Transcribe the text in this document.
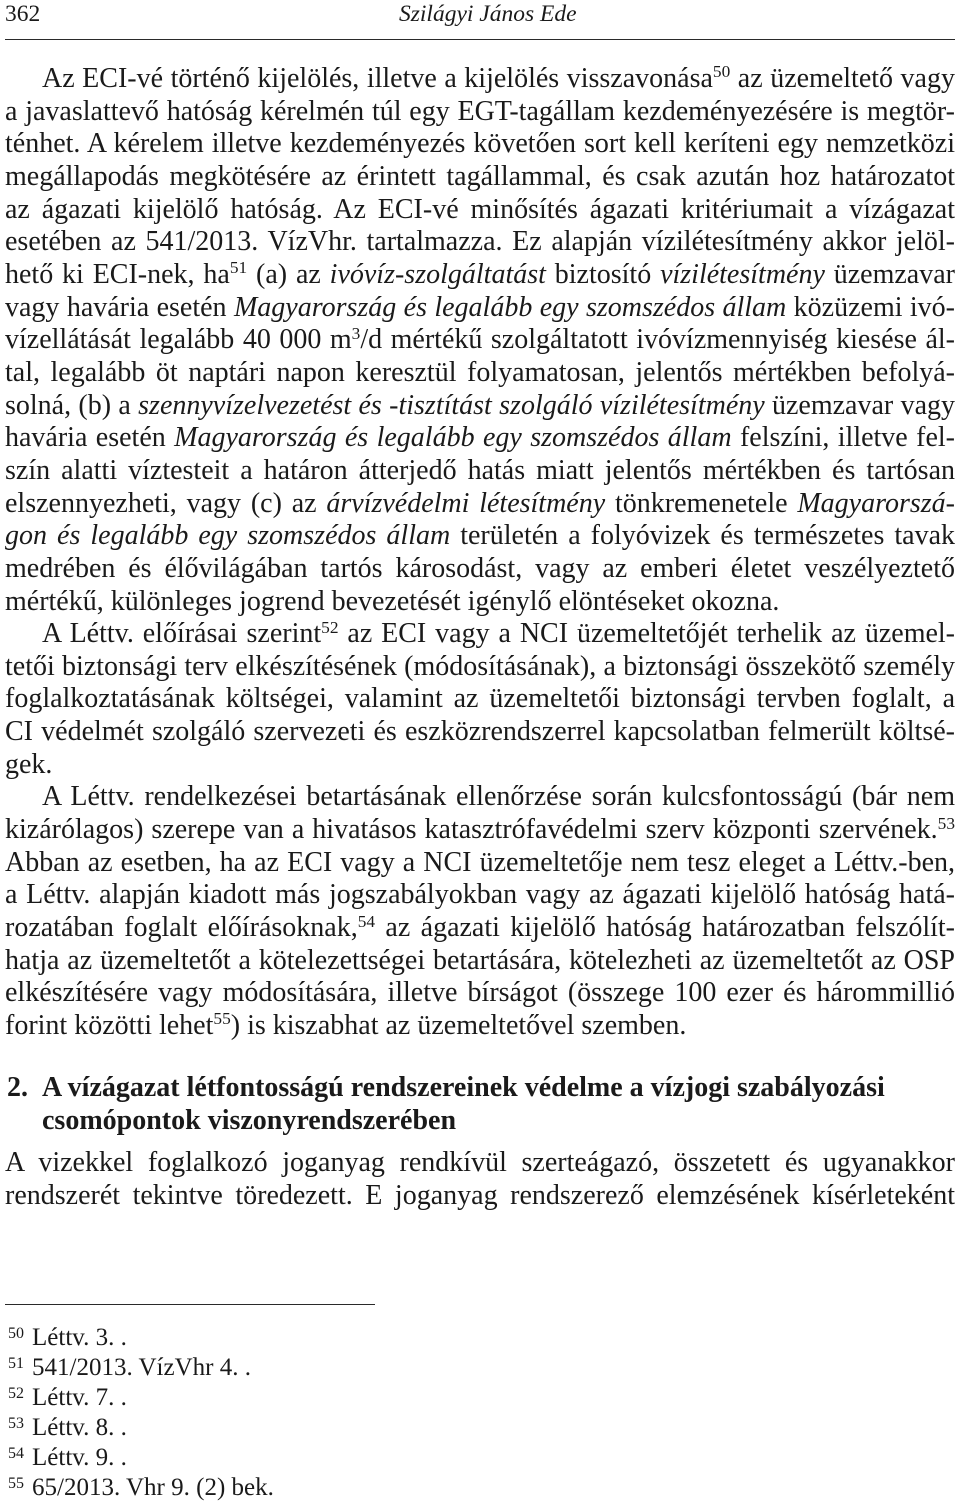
362	Szilágyi János Ede
Az ECI-vé történő kijelölés, illetve a kijelölés visszavonása$^{50}$ az üzemeltető vagy
a javaslattevő hatóság kérelmén túl egy EGT-tagállam kezdeményezésére is megtör-
ténhet. A kérelem illetve kezdeményezés követően sort kell keríteni egy nemzetközi
megállapodás megkötésére az érintett tagállammal, és csak azután hoz határozatot
az ágazati kijelölő hatóság. Az ECI-vé minősítés ágazati kritériumait a vízágazat
esetében az 541/2013. VízVhr. tartalmazza. Ez alapján vízilétesítmény akkor jelöl-
hető ki ECI-nek, ha$^{51}$ (a) az ivóvíz-szolgáltatást biztosító vízilétesítmény üzemzavar
vagy havária esetén Magyarország és legalább egy szomszédos állam közüzemi ivó-
vízellátását legalább 40 000 m$^3$/d mértékű szolgáltatott ivóvízmennyiség kiesése ál-
tal, legalább öt naptári napon keresztül folyamatosan, jelentős mértékben befolyá-
solná, (b) a szennyvízelvezetést és -tisztítást szolgáló vízilétesítmény üzemzavar vagy
havária esetén Magyarország és legalább egy szomszédos állam felszíni, illetve fel-
szín alatti víztesteit a határon átterjedő hatás miatt jelentős mértékben és tartósan
elszennyezheti, vagy (c) az árvízvédelmi létesítmény tönkremenetele Magyarorszá-
gon és legalább egy szomszédos állam területén a folyóvizek és természetes tavak
medrében és élővilágában tartós károsodást, vagy az emberi életet veszélyeztető
mértékű, különleges jogrend bevezetését igénylő elöntéseket okozna.
A Léttv. előírásai szerint$^{52}$ az ECI vagy a NCI üzemeltetőjét terhelik az üzemel-
tetői biztonsági terv elkészítésének (módosításának), a biztonsági összekötő személy
foglalkoztatásának költségei, valamint az üzemeltetői biztonsági tervben foglalt, a
CI védelmét szolgáló szervezeti és eszközrendszerrel kapcsolatban felmerült költsé-
gek.
A Léttv. rendelkezései betartásának ellenőrzése során kulcsfontosságú (bár nem
kizárólagos) szerepe van a hivatásos katasztrófavédelmi szerv központi szervének.$^{53}$
Abban az esetben, ha az ECI vagy a NCI üzemeltetője nem tesz eleget a Léttv.-ben,
a Léttv. alapján kiadott más jogszabályokban vagy az ágazati kijelölő hatóság hatá-
rozatában foglalt előírásoknak,$^{54}$ az ágazati kijelölő hatóság határozatban felszólít-
hatja az üzemeltetőt a kötelezettségei betartására, kötelezheti az üzemeltetőt az OSP
elkészítésére vagy módosítására, illetve bírságot (összege 100 ezer és hárommillió
forint közötti lehet$^{55}$) is kiszabhat az üzemeltetővel szemben.
2. A vízágazat létfontosságú rendszereinek védelme a vízjogi szabályozási
csomópontok viszonyrendszerében
A vizekkel foglalkozó joganyag rendkívül szerteágazó, összetett és ugyanakkor
rendszerét tekintve töredezett. E joganyag rendszerező elemzésének kísérleteként
50 Léttv. 3. .
51 541/2013. VízVhr 4. .
52 Léttv. 7. .
53 Léttv. 8. .
54 Léttv. 9. .
55 65/2013. Vhr 9. (2) bek.
